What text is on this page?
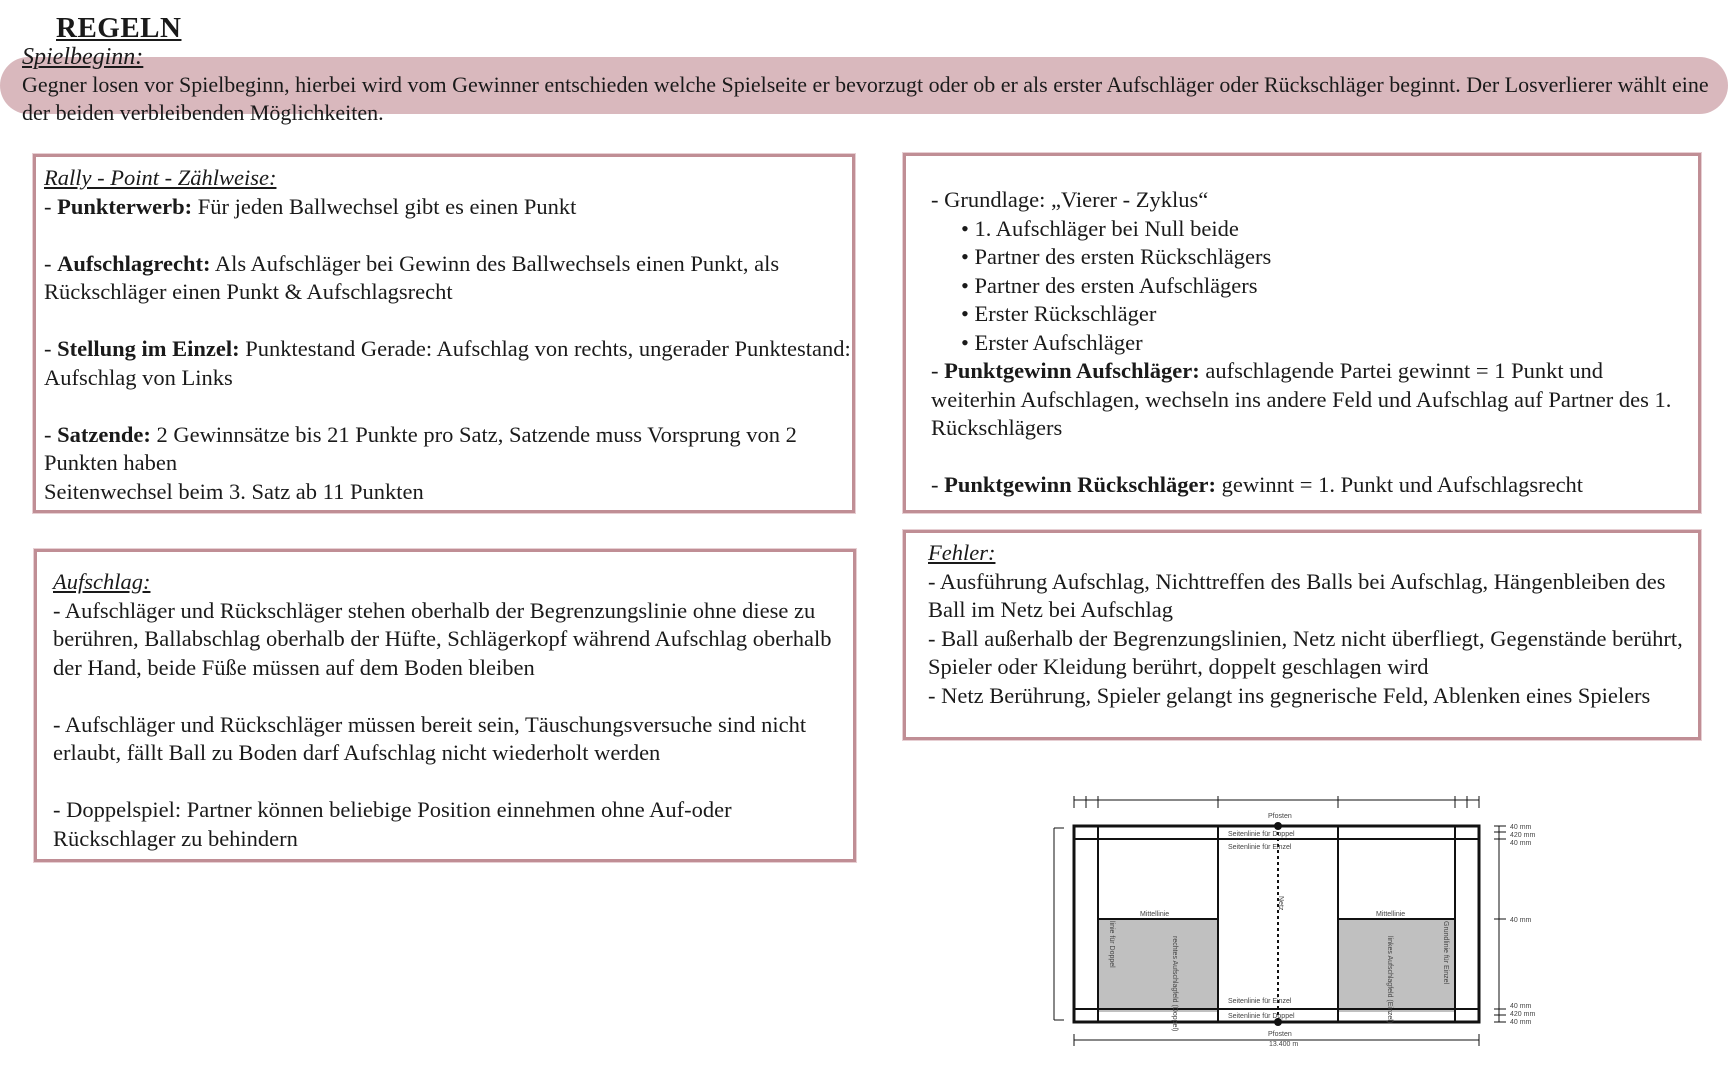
REGELN
Spielbeginn:
Gegner losen vor Spielbeginn, hierbei wird vom Gewinner entschieden welche Spielseite er bevorzugt oder ob er als erster Aufschläger oder Rückschläger beginnt. Der Losverlierer wählt eine der beiden verbleibenden Möglichkeiten.
Rally - Point - Zählweise:
- Punkterwerb: Für jeden Ballwechsel gibt es einen Punkt
- Aufschlagrecht: Als Aufschläger bei Gewinn des Ballwechsels einen Punkt, als Rückschläger einen Punkt & Aufschlagsrecht
- Stellung im Einzel: Punktestand Gerade: Aufschlag von rechts, ungerader Punktestand: Aufschlag von Links
- Satzende: 2 Gewinnsätze bis 21 Punkte pro Satz, Satzende muss Vorsprung von 2 Punkten haben
Seitenwechsel beim 3. Satz ab 11 Punkten
- Grundlage: „Vierer - Zyklus“
• 1. Aufschläger bei Null beide
• Partner des ersten Rückschlägers
• Partner des ersten Aufschlägers
• Erster Rückschläger
• Erster Aufschläger
- Punktgewinn Aufschläger: aufschlagende Partei gewinnt = 1 Punkt und weiterhin Aufschlagen, wechseln ins andere Feld und Aufschlag auf Partner des 1. Rückschlägers
- Punktgewinn Rückschläger: gewinnt = 1. Punkt und Aufschlagsrecht
Aufschlag:
- Aufschläger und Rückschläger stehen oberhalb der Begrenzungslinie ohne diese zu berühren, Ballabschlag oberhalb der Hüfte, Schlägerkopf während Aufschlag oberhalb der Hand, beide Füße müssen auf dem Boden bleiben
- Aufschläger und Rückschläger müssen bereit sein, Täuschungsversuche sind nicht erlaubt, fällt Ball zu Boden darf Aufschlag nicht wiederholt werden
- Doppelspiel: Partner können beliebige Position einnehmen ohne Auf-oder Rückschlager zu behindern
Fehler:
- Ausführung Aufschlag, Nichttreffen des Balls bei Aufschlag, Hängenbleiben des Ball im Netz bei Aufschlag
- Ball außerhalb der Begrenzungslinien, Netz nicht überfliegt, Gegenstände berührt, Spieler oder Kleidung berührt, doppelt geschlagen wird
- Netz Berührung, Spieler gelangt ins gegnerische Feld, Ablenken eines Spielers
Pfosten
Pfosten
Seitenlinie für Doppel
Seitenlinie für Einzel
Seitenlinie für Einzel
Seitenlinie für Doppel
Mittellinie	Mittellinie
13,400 m
40 mm
420 mm
40 mm
40 mm
40 mm
420 mm
40 mm
Netz
rechtes Aufschlagfeld (Doppel)	linkes Aufschlagfeld (Einzel)
linie für Doppel	Grundlinie für Einzel
